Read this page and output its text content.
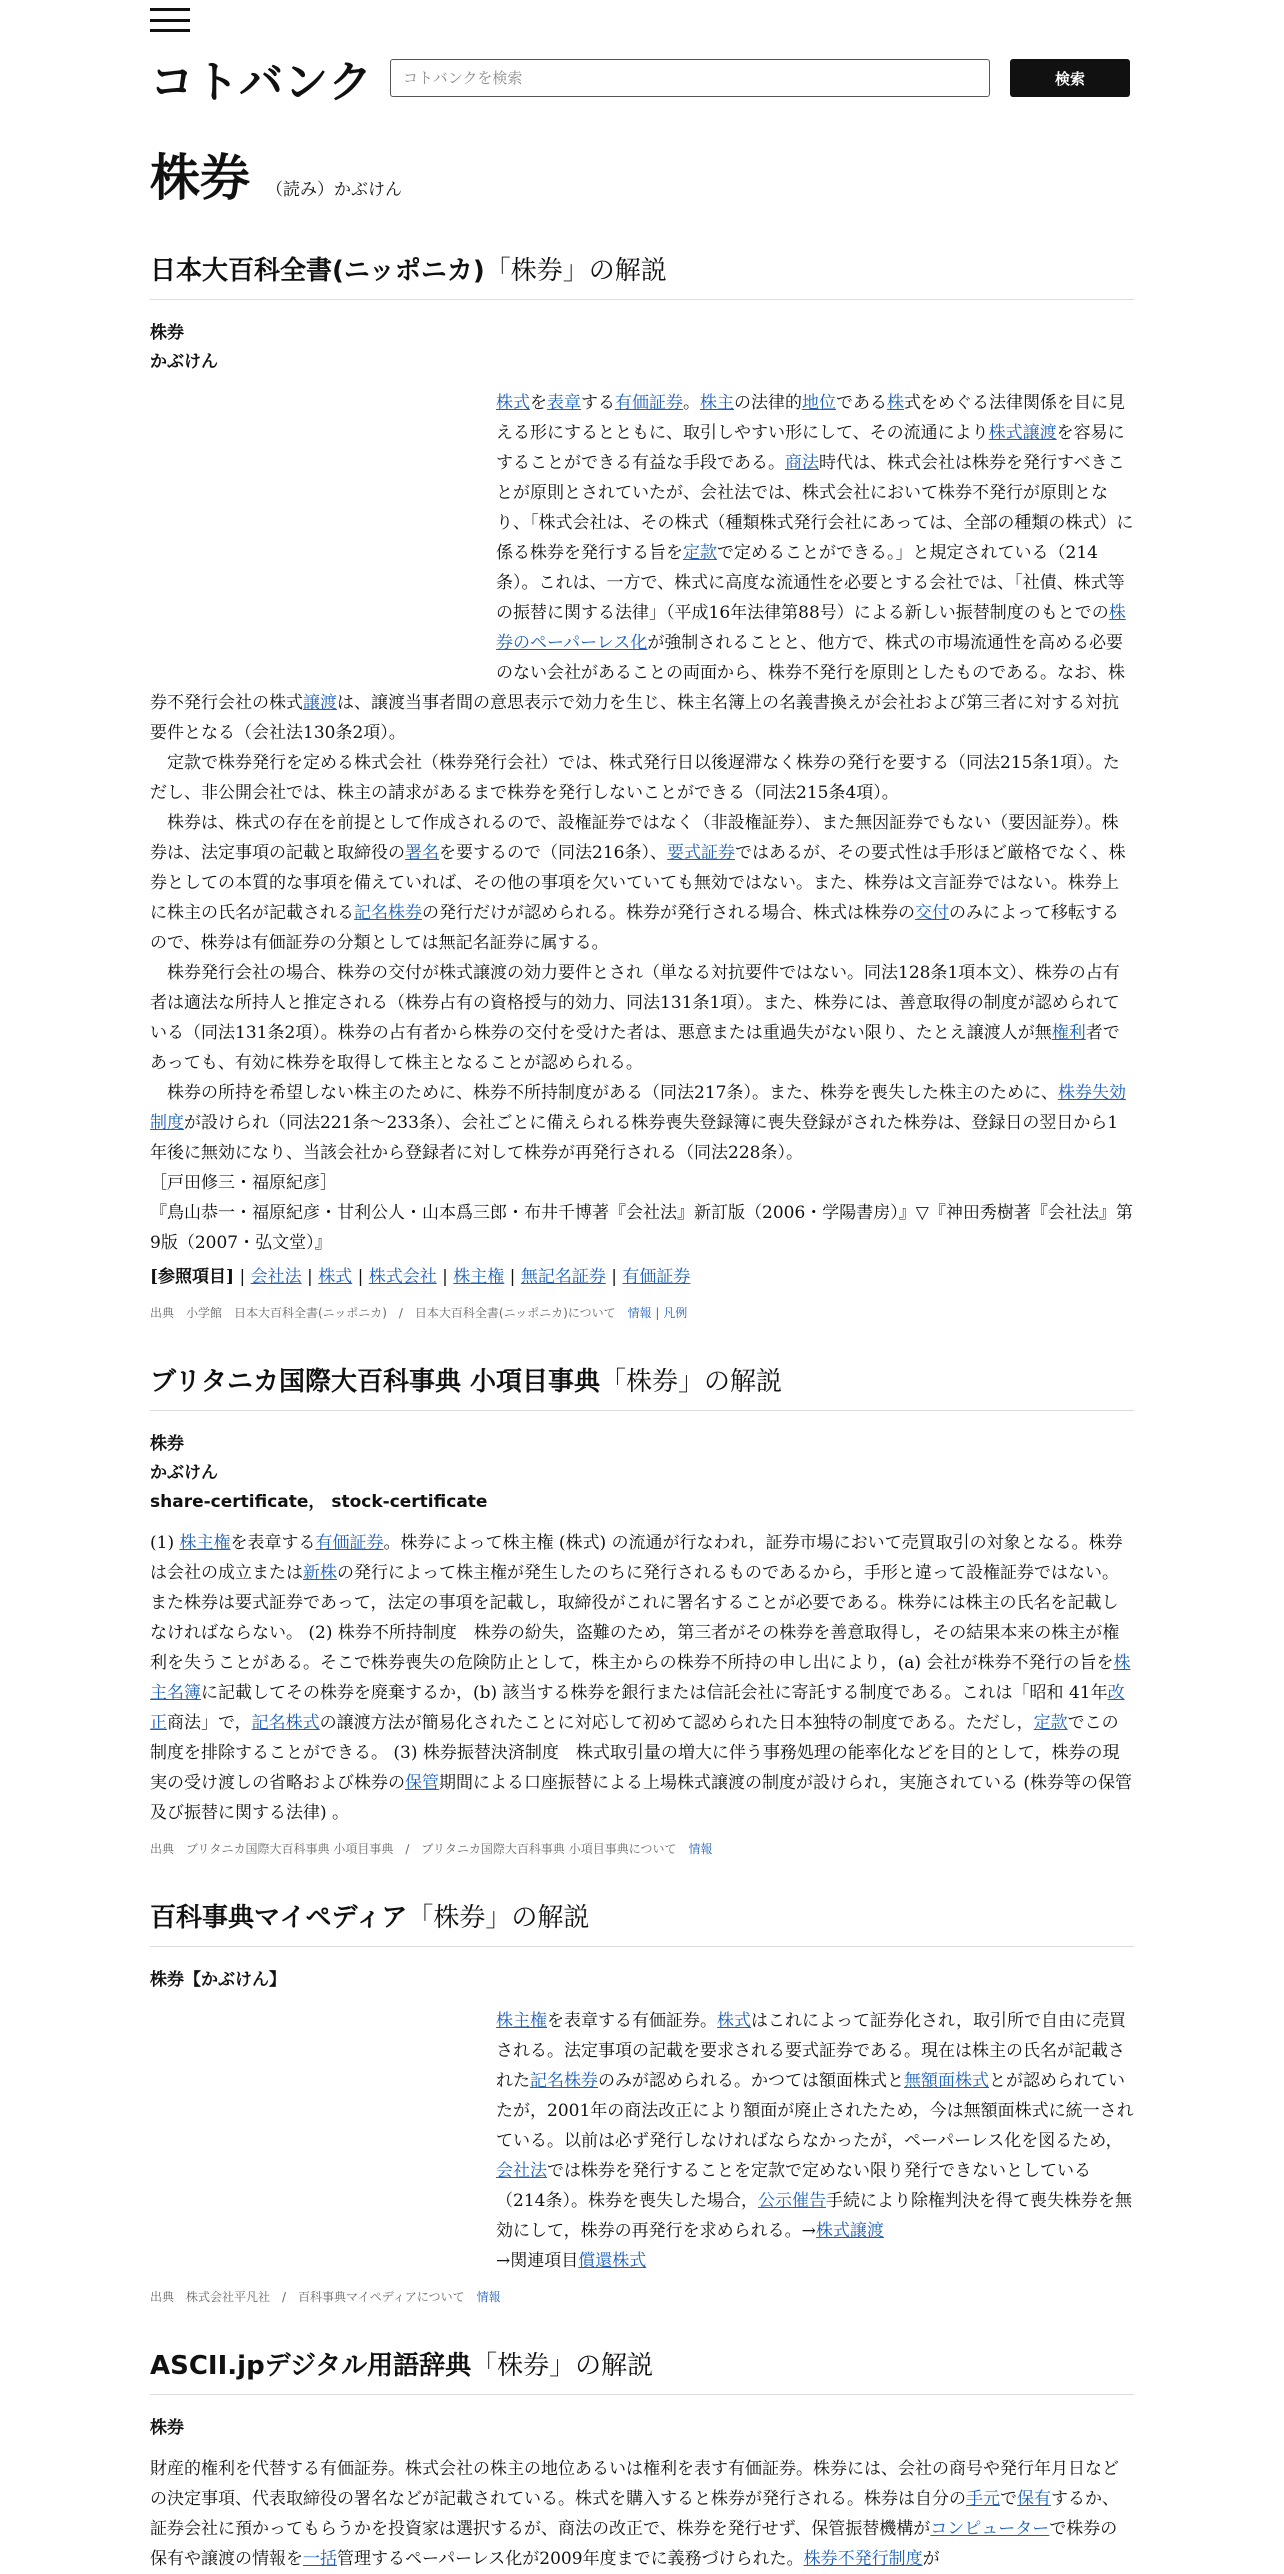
コトバンク
コトバンクを検索	検索
株券 （読み）かぶけん
日本大百科全書(ニッポニカ)「株券」の解説
株券
かぶけん

株式を表章する有価証券。株主の法律的地位である株式をめぐる法律関係を目に見える形にするとともに、取引しやすい形にして、その流通により株式譲渡を容易にすることができる有益な手段である。商法時代は、株式会社は株券を発行すべきことが原則とされていたが、会社法では、株式会社において株券不発行が原則となり、「株式会社は、その株式（種類株式発行会社にあっては、全部の種類の株式）に係る株券を発行する旨を定款で定めることができる。」と規定されている（214条）。これは、一方で、株式に高度な流通性を必要とする会社では、「社債、株式等の振替に関する法律」（平成16年法律第88号）による新しい振替制度のもとでの株券のペーパーレス化が強制されることと、他方で、株式の市場流通性を高める必要のない会社があることの両面から、株券不発行を原則としたものである。なお、株券不発行会社の株式譲渡は、譲渡当事者間の意思表示で効力を生じ、株主名簿上の名義書換えが会社および第三者に対する対抗要件となる（会社法130条2項）。

　定款で株券発行を定める株式会社（株券発行会社）では、株式発行日以後遅滞なく株券の発行を要する（同法215条1項）。ただし、非公開会社では、株主の請求があるまで株券を発行しないことができる（同法215条4項）。

　株券は、株式の存在を前提として作成されるので、設権証券ではなく（非設権証券）、また無因証券でもない（要因証券）。株券は、法定事項の記載と取締役の署名を要するので（同法216条）、要式証券ではあるが、その要式性は手形ほど厳格でなく、株券としての本質的な事項を備えていれば、その他の事項を欠いていても無効ではない。また、株券は文言証券ではない。株券上に株主の氏名が記載される記名株券の発行だけが認められる。株券が発行される場合、株式は株券の交付のみによって移転するので、株券は有価証券の分類としては無記名証券に属する。

　株券発行会社の場合、株券の交付が株式譲渡の効力要件とされ（単なる対抗要件ではない。同法128条1項本文）、株券の占有者は適法な所持人と推定される（株券占有の資格授与的効力、同法131条1項）。また、株券には、善意取得の制度が認められている（同法131条2項）。株券の占有者から株券の交付を受けた者は、悪意または重過失がない限り、たとえ譲渡人が無権利者であっても、有効に株券を取得して株主となることが認められる。

　株券の所持を希望しない株主のために、株券不所持制度がある（同法217条）。また、株券を喪失した株主のために、株券失効制度が設けられ（同法221条～233条）、会社ごとに備えられる株券喪失登録簿に喪失登録がされた株券は、登録日の翌日から1年後に無効になり、当該会社から登録者に対して株券が再発行される（同法228条）。

［戸田修三・福原紀彦］

『鳥山恭一・福原紀彦・甘利公人・山本爲三郎・布井千博著『会社法』新訂版（2006・学陽書房）』▽『神田秀樹著『会社法』第9版（2007・弘文堂）』

[参照項目] | 会社法 | 株式 | 株式会社 | 株主権 | 無記名証券 | 有価証券
出典　小学館　日本大百科全書(ニッポニカ)　/　日本大百科全書(ニッポニカ)について　 情報 | 凡例
ブリタニカ国際大百科事典 小項目事典「株券」の解説
株券
かぶけん
share-certificate， stock-certificate

(1) 株主権を表章する有価証券。株券によって株主権 (株式) の流通が行なわれ，証券市場において売買取引の対象となる。株券は会社の成立または新株の発行によって株主権が発生したのちに発行されるものであるから，手形と違って設権証券ではない。また株券は要式証券であって，法定の事項を記載し，取締役がこれに署名することが必要である。株券には株主の氏名を記載しなければならない。 (2) 株券不所持制度　株券の紛失，盗難のため，第三者がその株券を善意取得し，その結果本来の株主が権利を失うことがある。そこで株券喪失の危険防止として，株主からの株券不所持の申し出により，(a) 会社が株券不発行の旨を株主名簿に記載してその株券を廃棄するか，(b) 該当する株券を銀行または信託会社に寄託する制度である。これは「昭和 41年改正商法」で，記名株式の譲渡方法が簡易化されたことに対応して初めて認められた日本独特の制度である。ただし，定款でこの制度を排除することができる。 (3) 株券振替決済制度　株式取引量の増大に伴う事務処理の能率化などを目的として，株券の現実の受け渡しの省略および株券の保管期間による口座振替による上場株式譲渡の制度が設けられ，実施されている (株券等の保管及び振替に関する法律) 。

出典　ブリタニカ国際大百科事典 小項目事典　/　ブリタニカ国際大百科事典 小項目事典について　 情報
百科事典マイペディア「株券」の解説
株券【かぶけん】

株主権を表章する有価証券。株式はこれによって証券化され，取引所で自由に売買される。法定事項の記載を要求される要式証券である。現在は株主の氏名が記載された記名株券のみが認められる。かつては額面株式と無額面株式とが認められていたが，2001年の商法改正により額面が廃止されたため，今は無額面株式に統一されている。以前は必ず発行しなければならなかったが，ペーパーレス化を図るため，会社法では株券を発行することを定款で定めない限り発行できないとしている（214条）。株券を喪失した場合，公示催告手続により除権判決を得て喪失株券を無効にして，株券の再発行を求められる。→株式譲渡

→関連項目償還株式

出典　株式会社平凡社　/　百科事典マイペディアについて　 情報
ASCII.jpデジタル用語辞典「株券」の解説
株券

財産的権利を代替する有価証券。株式会社の株主の地位あるいは権利を表す有価証券。株券には、会社の商号や発行年月日などの決定事項、代表取締役の署名などが記載されている。株式を購入すると株券が発行される。株券は自分の手元で保有するか、証券会社に預かってもらうかを投資家は選択するが、商法の改正で、株券を発行せず、保管振替機構がコンピューターで株券の保有や譲渡の情報を一括管理するペーパーレス化が2009年度までに義務づけられた。株券不発行制度が
